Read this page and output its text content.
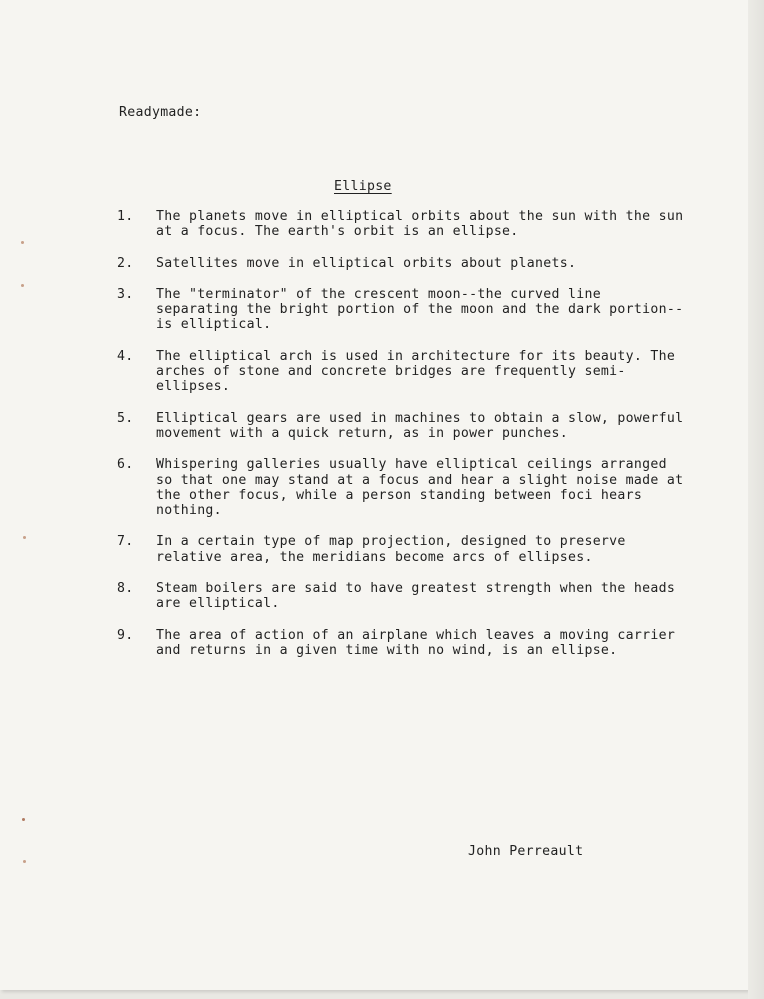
Readymade:
Ellipse
1. The planets move in elliptical orbits about the sun with the sun at a focus. The earth's orbit is an ellipse.
2. Satellites move in elliptical orbits about planets.
3. The "terminator" of the crescent moon--the curved line separating the bright portion of the moon and the dark portion--is elliptical.
4. The elliptical arch is used in architecture for its beauty. The arches of stone and concrete bridges are frequently semi-ellipses.
5. Elliptical gears are used in machines to obtain a slow, powerful movement with a quick return, as in power punches.
6. Whispering galleries usually have elliptical ceilings arranged so that one may stand at a focus and hear a slight noise made at the other focus, while a person standing between foci hears nothing.
7. In a certain type of map projection, designed to preserve relative area, the meridians become arcs of ellipses.
8. Steam boilers are said to have greatest strength when the heads are elliptical.
9. The area of action of an airplane which leaves a moving carrier and returns in a given time with no wind, is an ellipse.
John Perreault
